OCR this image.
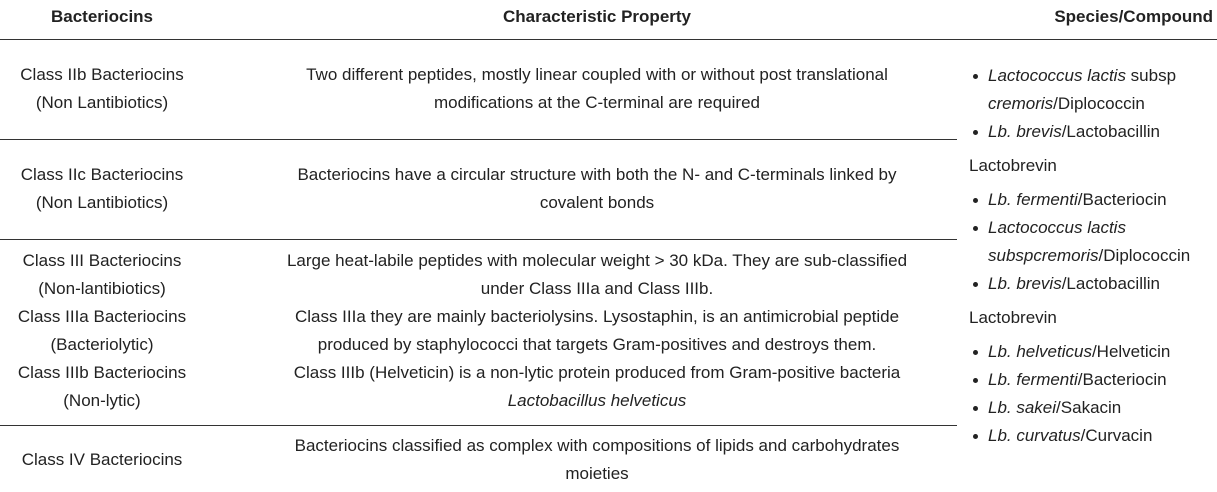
Bacteriocins	Characteristic Property	Species/Compound
Class IIb Bacteriocins
(Non Lantibiotics)
Two different peptides, mostly linear coupled with or without post translational
modifications at the C-terminal are required
Class IIc Bacteriocins
(Non Lantibiotics)
Bacteriocins have a circular structure with both the N- and C-terminals linked by
covalent bonds
Class III Bacteriocins
(Non-lantibiotics)
Class IIIa Bacteriocins
(Bacteriolytic)
Class IIIb Bacteriocins
(Non-lytic)
Large heat-labile peptides with molecular weight > 30 kDa. They are sub-classified
under Class IIIa and Class IIIb.
Class IIIa they are mainly bacteriolysins. Lysostaphin, is an antimicrobial peptide
produced by staphylococci that targets Gram-positives and destroys them.
Class IIIb (Helveticin) is a non-lytic protein produced from Gram-positive bacteria
Lactobacillus helveticus
Class IV Bacteriocins
Bacteriocins classified as complex with compositions of lipids and carbohydrates
moieties
Lactococcus lactis subsp
cremoris/Diplococcin
Lb. brevis/Lactobacillin
Lactobrevin
Lb. fermenti/Bacteriocin
Lactococcus lactis
subspcremoris/Diplococcin
Lb. brevis/Lactobacillin
Lactobrevin
Lb. helveticus/Helveticin
Lb. fermenti/Bacteriocin
Lb. sakei/Sakacin
Lb. curvatus/Curvacin
